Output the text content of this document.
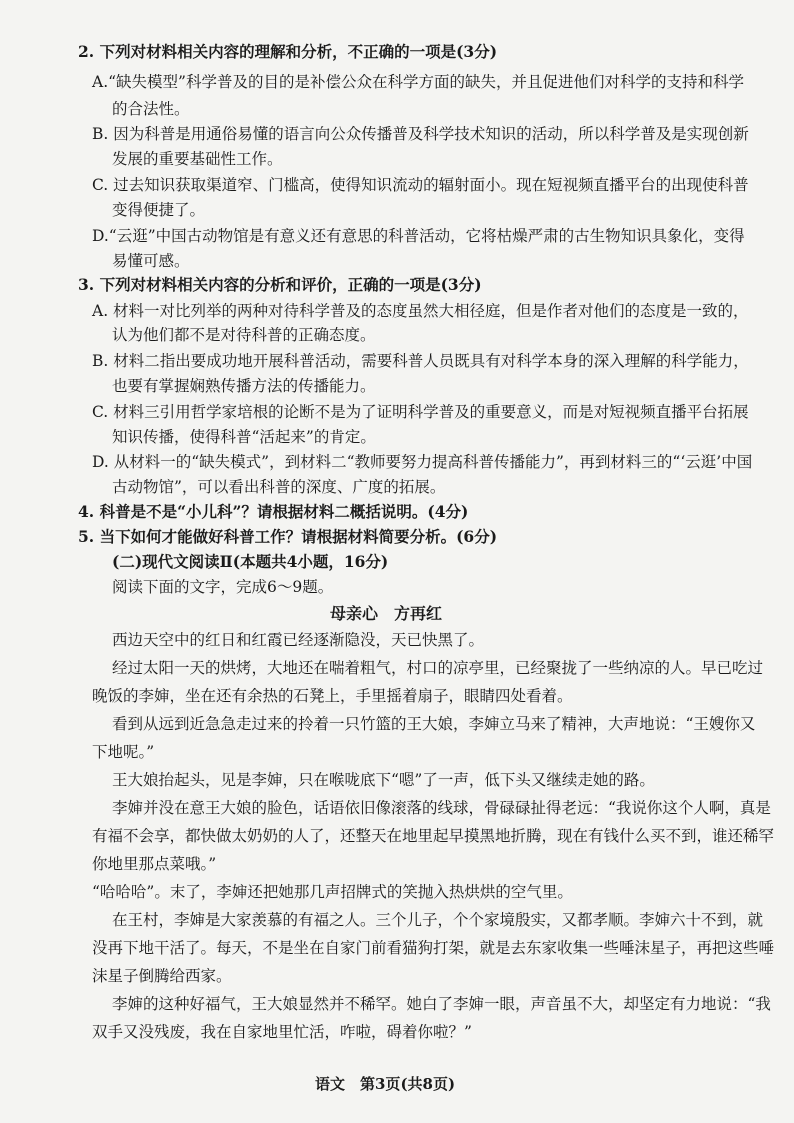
2. 下列对材料相关内容的理解和分析，不正确的一项是(3分)
A.“缺失模型”科学普及的目的是补偿公众在科学方面的缺失，并且促进他们对科学的支持和科学
的合法性。
B. 因为科普是用通俗易懂的语言向公众传播普及科学技术知识的活动，所以科学普及是实现创新
发展的重要基础性工作。
C. 过去知识获取渠道窄、门槛高，使得知识流动的辐射面小。现在短视频直播平台的出现使科普
变得便捷了。
D.“云逛”中国古动物馆是有意义还有意思的科普活动，它将枯燥严肃的古生物知识具象化，变得
易懂可感。
3. 下列对材料相关内容的分析和评价，正确的一项是(3分)
A. 材料一对比列举的两种对待科学普及的态度虽然大相径庭，但是作者对他们的态度是一致的，
认为他们都不是对待科普的正确态度。
B. 材料二指出要成功地开展科普活动，需要科普人员既具有对科学本身的深入理解的科学能力，
也要有掌握娴熟传播方法的传播能力。
C. 材料三引用哲学家培根的论断不是为了证明科学普及的重要意义，而是对短视频直播平台拓展
知识传播，使得科普“活起来”的肯定。
D. 从材料一的“缺失模式”，到材料二“教师要努力提高科普传播能力”，再到材料三的“‘云逛’中国
古动物馆”，可以看出科普的深度、广度的拓展。
4. 科普是不是“小儿科”？请根据材料二概括说明。(4分)
5. 当下如何才能做好科普工作？请根据材料简要分析。(6分)
(二)现代文阅读Ⅱ(本题共4小题，16分)
阅读下面的文字，完成6～9题。
母亲心　方再红
西边天空中的红日和红霞已经逐渐隐没，天已快黑了。
经过太阳一天的烘烤，大地还在喘着粗气，村口的凉亭里，已经聚拢了一些纳凉的人。早已吃过
晚饭的李婶，坐在还有余热的石凳上，手里摇着扇子，眼睛四处看着。
看到从远到近急急走过来的拎着一只竹篮的王大娘，李婶立马来了精神，大声地说：“王嫂你又
下地呢。”
王大娘抬起头，见是李婶，只在喉咙底下“嗯”了一声，低下头又继续走她的路。
李婶并没在意王大娘的脸色，话语依旧像滚落的线球，骨碌碌扯得老远：“我说你这个人啊，真是
有福不会享，都快做太奶奶的人了，还整天在地里起早摸黑地折腾，现在有钱什么买不到，谁还稀罕
你地里那点菜哦。”
“哈哈哈”。末了，李婶还把她那几声招牌式的笑抛入热烘烘的空气里。
在王村，李婶是大家羡慕的有福之人。三个儿子，个个家境殷实，又都孝顺。李婶六十不到，就
没再下地干活了。每天，不是坐在自家门前看猫狗打架，就是去东家收集一些唾沫星子，再把这些唾
沫星子倒腾给西家。
李婶的这种好福气，王大娘显然并不稀罕。她白了李婶一眼，声音虽不大，却坚定有力地说：“我
双手又没残废，我在自家地里忙活，咋啦，碍着你啦？”
语文　第3页(共8页)
